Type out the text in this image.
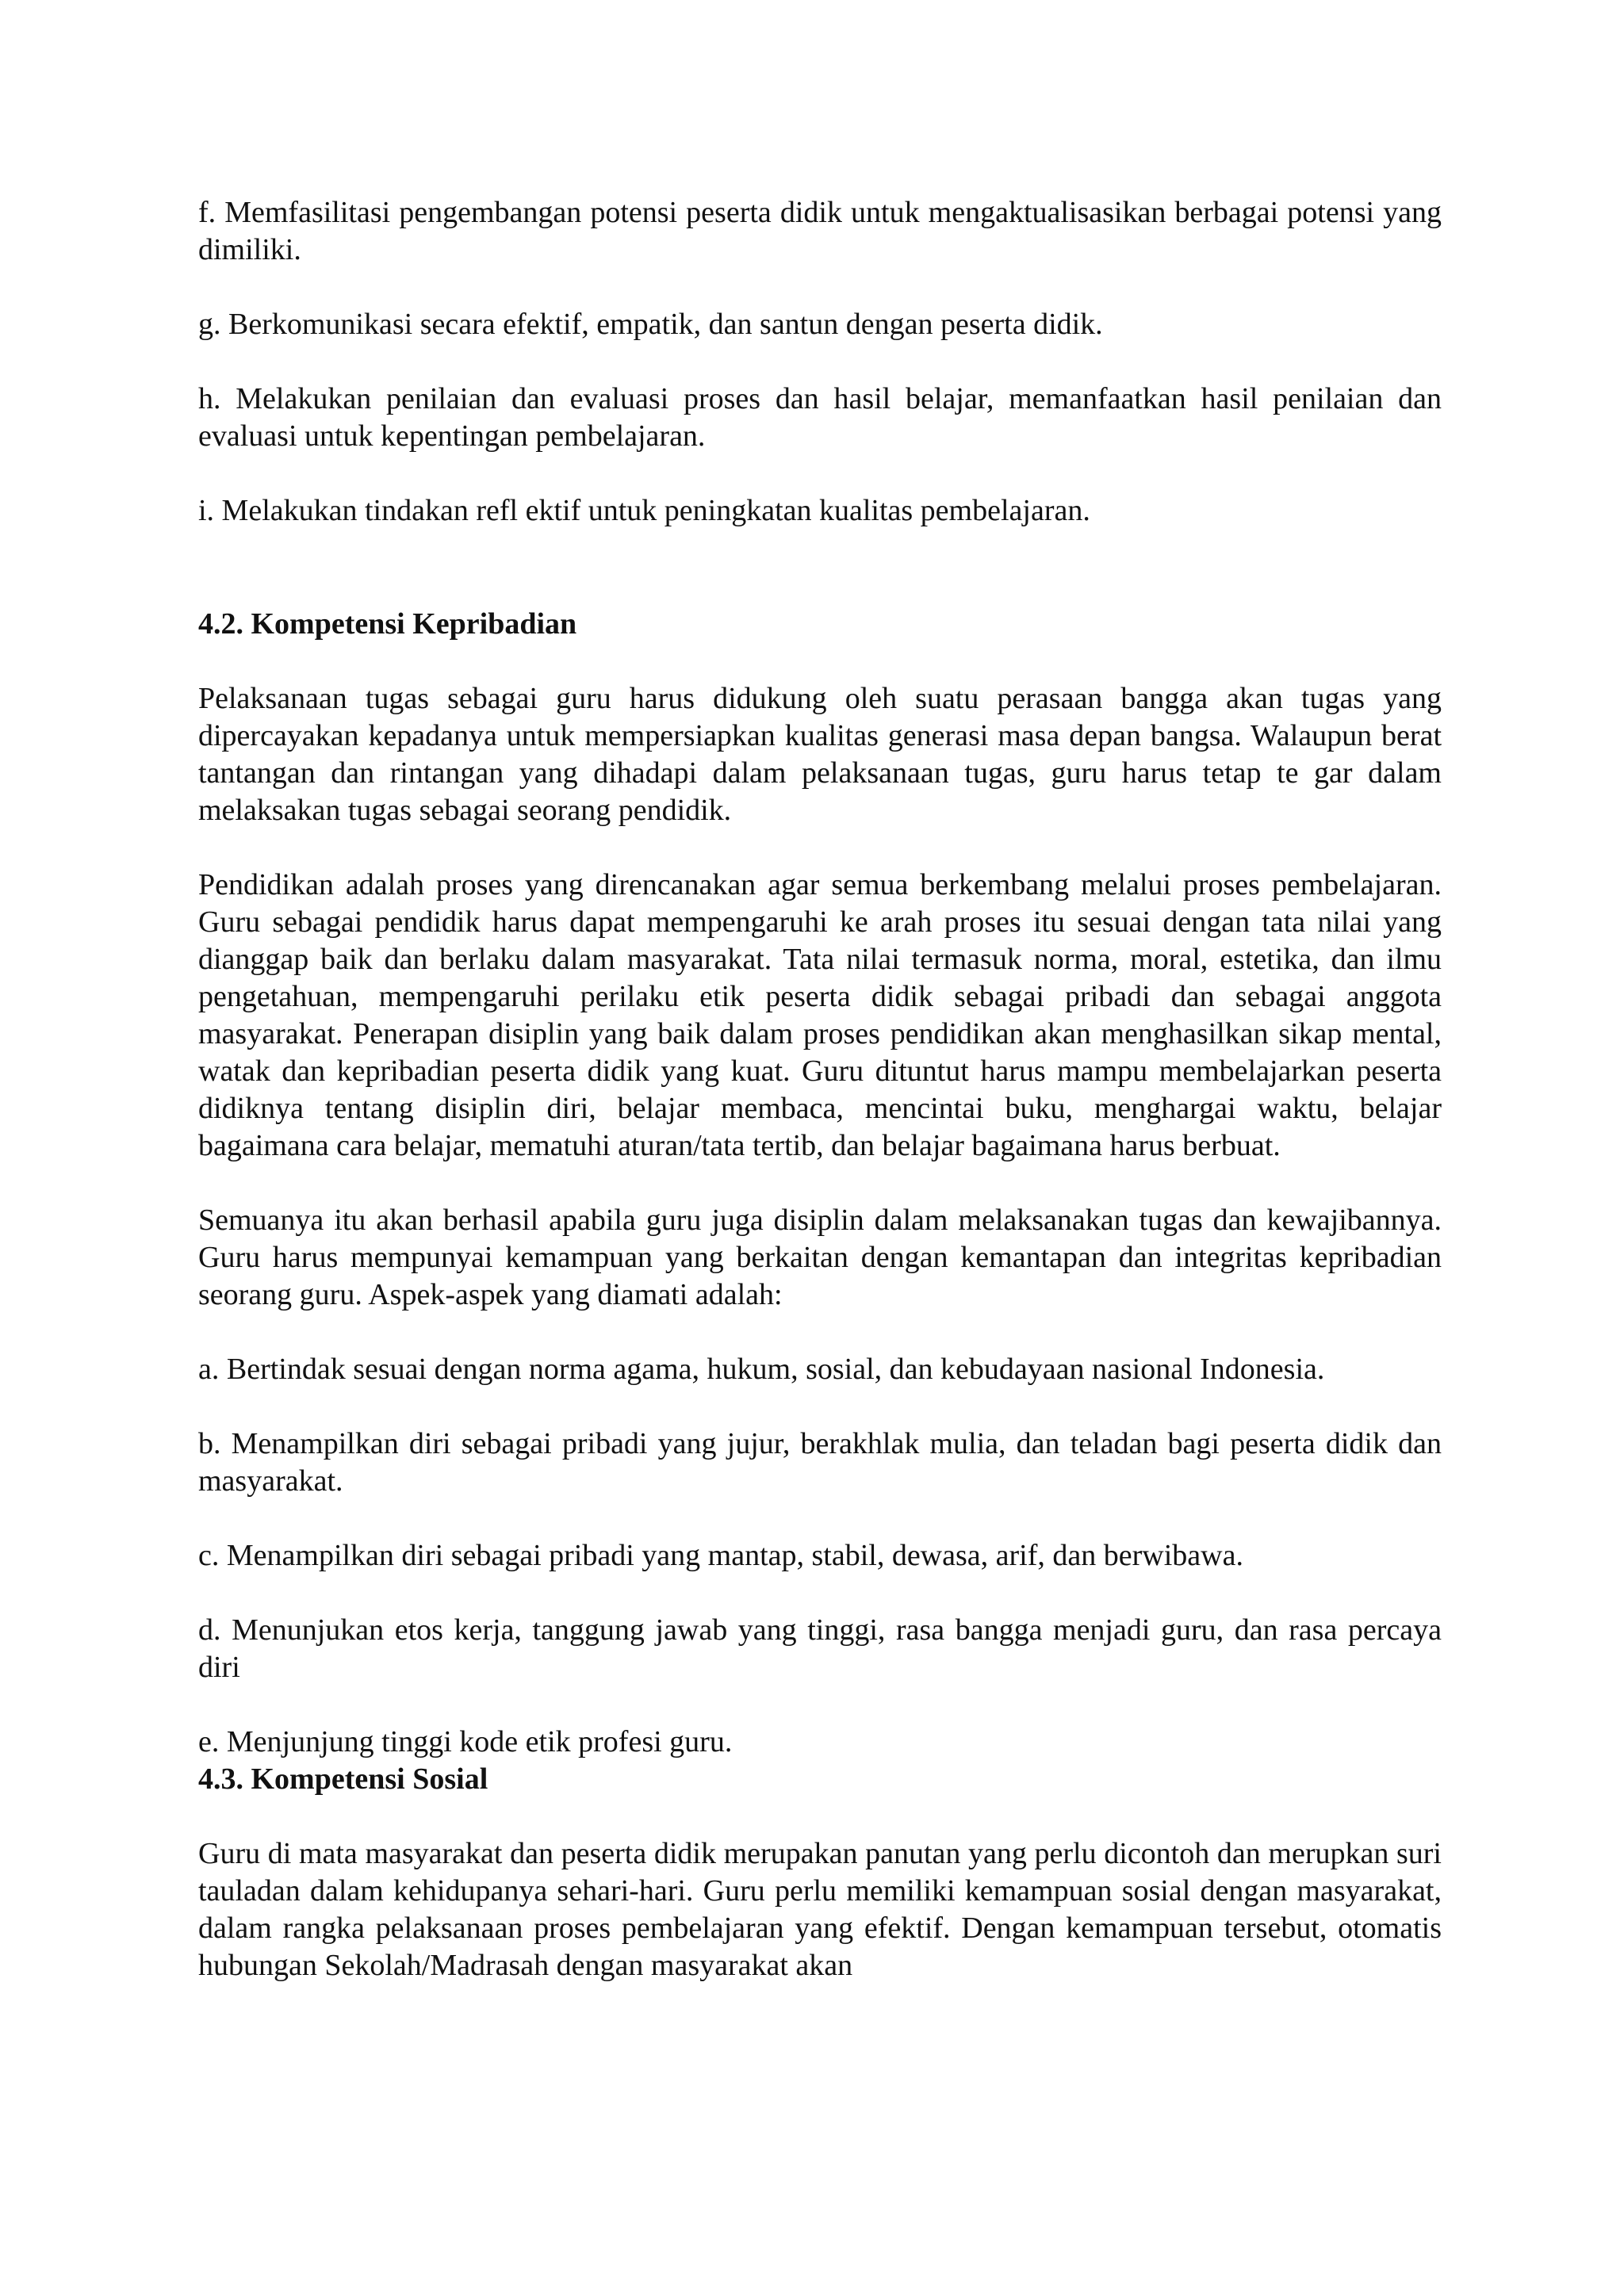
f. Memfasilitasi pengembangan potensi peserta didik untuk mengaktualisasikan berbagai potensi yang dimiliki.

g. Berkomunikasi secara efektif, empatik, dan santun dengan peserta didik.

h. Melakukan penilaian dan evaluasi proses dan hasil belajar, memanfaatkan hasil penilaian dan evaluasi untuk kepentingan pembelajaran.

i. Melakukan tindakan refl ektif untuk peningkatan kualitas pembelajaran.

4.2. Kompetensi Kepribadian

Pelaksanaan tugas sebagai guru harus didukung oleh suatu perasaan bangga akan tugas yang dipercayakan kepadanya untuk mempersiapkan kualitas generasi masa depan bangsa. Walaupun berat tantangan dan rintangan yang dihadapi dalam pelaksanaan tugas, guru harus tetap te gar dalam melaksakan tugas sebagai seorang pendidik.

Pendidikan adalah proses yang direncanakan agar semua berkembang melalui proses pembelajaran. Guru sebagai pendidik harus dapat mempengaruhi ke arah proses itu sesuai dengan tata nilai yang dianggap baik dan berlaku dalam masyarakat. Tata nilai termasuk norma, moral, estetika, dan ilmu pengetahuan, mempengaruhi perilaku etik peserta didik sebagai pribadi dan sebagai anggota masyarakat. Penerapan disiplin yang baik dalam proses pendidikan akan menghasilkan sikap mental, watak dan kepribadian peserta didik yang kuat. Guru dituntut harus mampu membelajarkan peserta didiknya tentang disiplin diri, belajar membaca, mencintai buku, menghargai waktu, belajar bagaimana cara belajar, mematuhi aturan/tata tertib, dan belajar bagaimana harus berbuat.

Semuanya itu akan berhasil apabila guru juga disiplin dalam melaksanakan tugas dan kewajibannya. Guru harus mempunyai kemampuan yang berkaitan dengan kemantapan dan integritas kepribadian seorang guru. Aspek-aspek yang diamati adalah:

a. Bertindak sesuai dengan norma agama, hukum, sosial, dan kebudayaan nasional Indonesia.

b. Menampilkan diri sebagai pribadi yang jujur, berakhlak mulia, dan teladan bagi peserta didik dan masyarakat.

c. Menampilkan diri sebagai pribadi yang mantap, stabil, dewasa, arif, dan berwibawa.

d. Menunjukan etos kerja, tanggung jawab yang tinggi, rasa bangga menjadi guru, dan rasa percaya diri

e. Menjunjung tinggi kode etik profesi guru.

4.3. Kompetensi Sosial

Guru di mata masyarakat dan peserta didik merupakan panutan yang perlu dicontoh dan merupkan suri tauladan dalam kehidupanya sehari-hari. Guru perlu memiliki kemampuan sosial dengan masyarakat, dalam rangka pelaksanaan proses pembelajaran yang efektif. Dengan kemampuan tersebut, otomatis hubungan Sekolah/Madrasah dengan masyarakat akan
